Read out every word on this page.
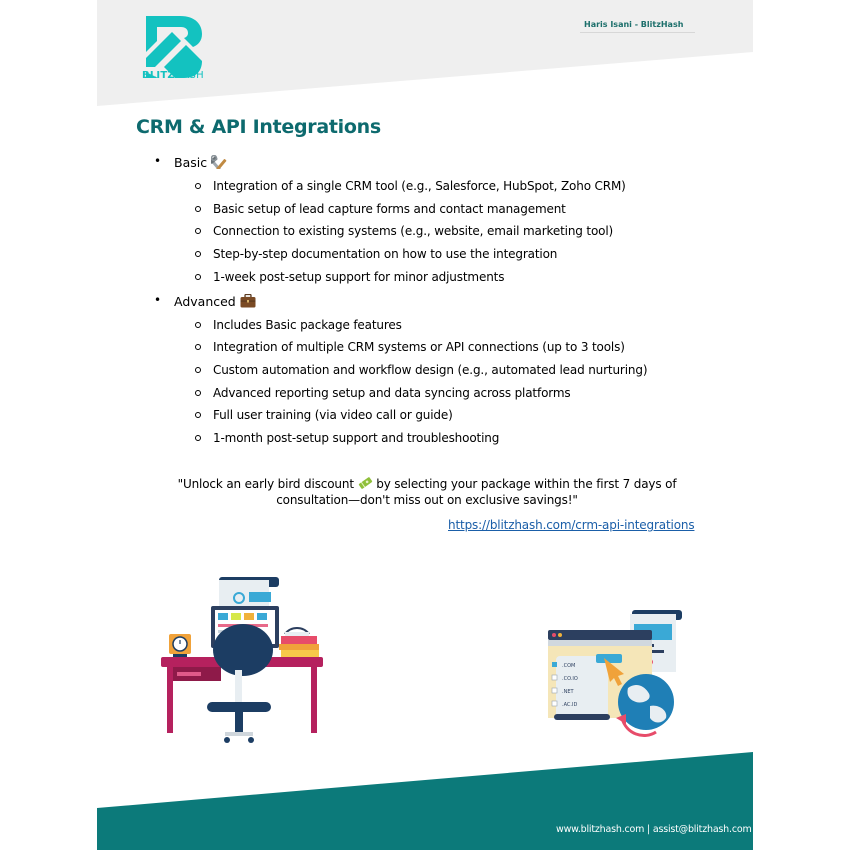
BLITZHASH
Haris Isani - BlitzHash
CRM & API Integrations
• Basic
Integration of a single CRM tool (e.g., Salesforce, HubSpot, Zoho CRM)
Basic setup of lead capture forms and contact management
Connection to existing systems (e.g., website, email marketing tool)
Step-by-step documentation on how to use the integration
1-week post-setup support for minor adjustments
• Advanced
Includes Basic package features
Integration of multiple CRM systems or API connections (up to 3 tools)
Custom automation and workflow design (e.g., automated lead nurturing)
Advanced reporting setup and data syncing across platforms
Full user training (via video call or guide)
1-month post-setup support and troubleshooting
"Unlock an early bird discount  by selecting your package within the first 7 days of
consultation—don't miss out on exclusive savings!"
https://blitzhash.com/crm-api-integrations
.COM
.CO.IO
.NET
.AC.ID
www.blitzhash.com | assist@blitzhash.com
